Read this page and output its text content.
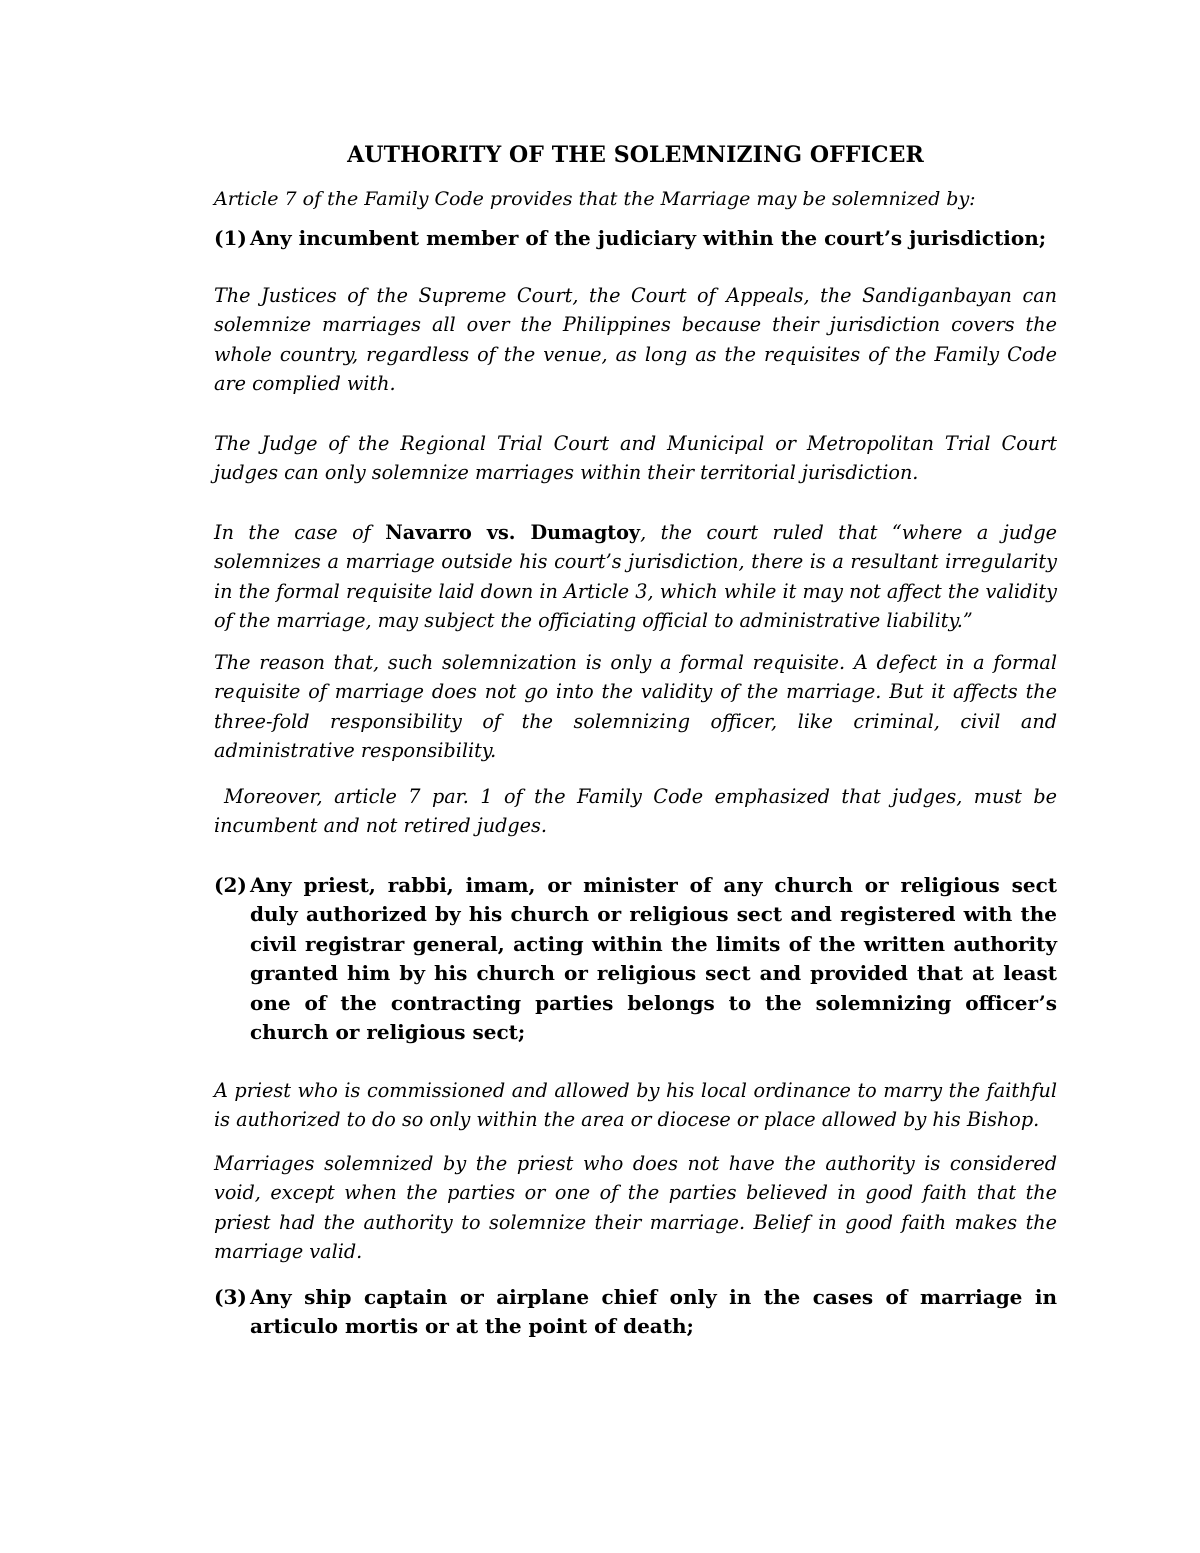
AUTHORITY OF THE SOLEMNIZING OFFICER

Article 7 of the Family Code provides that the Marriage may be solemnized by:

(1) Any incumbent member of the judiciary within the court’s jurisdiction;

The Justices of the Supreme Court, the Court of Appeals, the Sandiganbayan can solemnize marriages all over the Philippines because their jurisdiction covers the whole country, regardless of the venue, as long as the requisites of the Family Code are complied with.

The Judge of the Regional Trial Court and Municipal or Metropolitan Trial Court judges can only solemnize marriages within their territorial jurisdiction.

In the case of Navarro vs. Dumagtoy, the court ruled that “where a judge solemnizes a marriage outside his court’s jurisdiction, there is a resultant irregularity in the formal requisite laid down in Article 3, which while it may not affect the validity of the marriage, may subject the officiating official to administrative liability.”

The reason that, such solemnization is only a formal requisite. A defect in a formal requisite of marriage does not go into the validity of the marriage. But it affects the three-fold responsibility of the solemnizing officer, like criminal, civil and administrative responsibility.

Moreover, article 7 par. 1 of the Family Code emphasized that judges, must be incumbent and not retired judges.

(2) Any priest, rabbi, imam, or minister of any church or religious sect duly authorized by his church or religious sect and registered with the civil registrar general, acting within the limits of the written authority granted him by his church or religious sect and provided that at least one of the contracting parties belongs to the solemnizing officer’s church or religious sect;

A priest who is commissioned and allowed by his local ordinance to marry the faithful is authorized to do so only within the area or diocese or place allowed by his Bishop.

Marriages solemnized by the priest who does not have the authority is considered void, except when the parties or one of the parties believed in good faith that the priest had the authority to solemnize their marriage. Belief in good faith makes the marriage valid.

(3) Any ship captain or airplane chief only in the cases of marriage in articulo mortis or at the point of death;
